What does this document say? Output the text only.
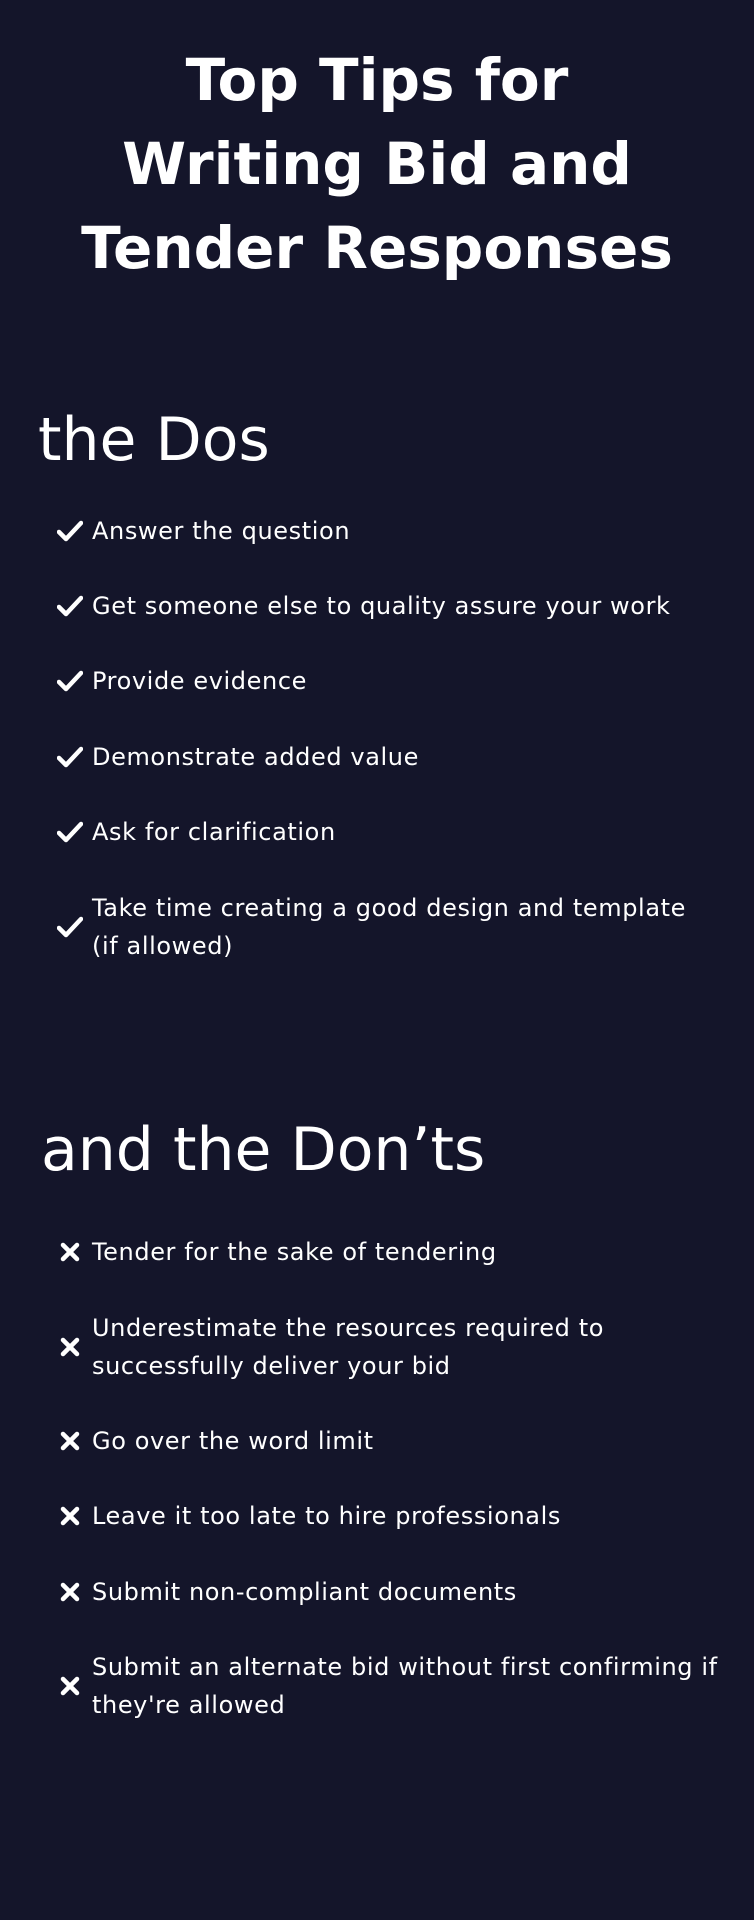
Top Tips for
Writing Bid and
Tender Responses
the Dos
Answer the question
Get someone else to quality assure your work
Provide evidence
Demonstrate added value
Ask for clarification
Take time creating a good design and template
(if allowed)
and the Don’ts
Tender for the sake of tendering
Underestimate the resources required to
successfully deliver your bid
Go over the word limit
Leave it too late to hire professionals
Submit non-compliant documents
Submit an alternate bid without first confirming if
they're allowed
